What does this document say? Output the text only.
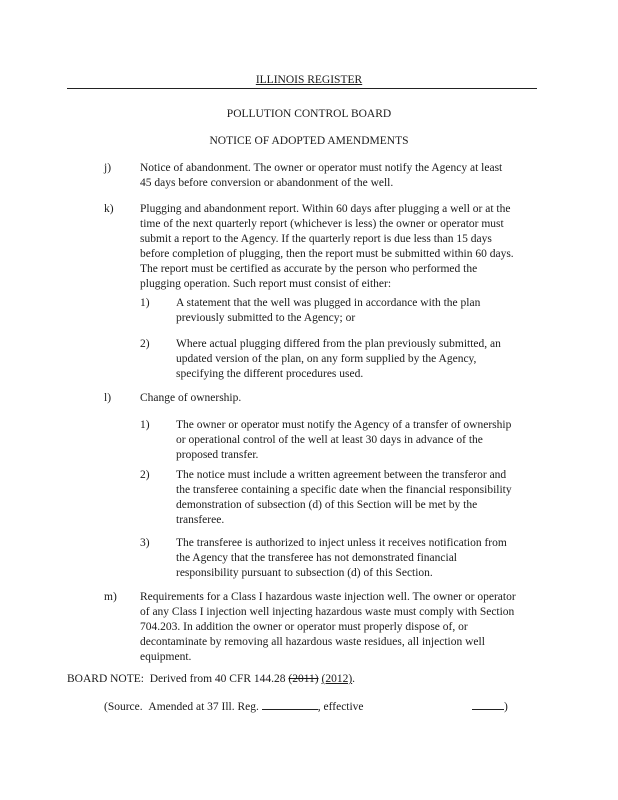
ILLINOIS REGISTER
POLLUTION CONTROL BOARD
NOTICE OF ADOPTED AMENDMENTS
j)	Notice of abandonment. The owner or operator must notify the Agency at least
45 days before conversion or abandonment of the well.
k) Plugging and abandonment report. Within 60 days after plugging a well or at the
time of the next quarterly report (whichever is less) the owner or operator must
submit a report to the Agency. If the quarterly report is due less than 15 days
before completion of plugging, then the report must be submitted within 60 days.
The report must be certified as accurate by the person who performed the
plugging operation. Such report must consist of either:
1) A statement that the well was plugged in accordance with the plan
previously submitted to the Agency; or
2) Where actual plugging differed from the plan previously submitted, an
updated version of the plan, on any form supplied by the Agency,
specifying the different procedures used.
l)	Change of ownership.
1) The owner or operator must notify the Agency of a transfer of ownership
or operational control of the well at least 30 days in advance of the
proposed transfer.
2) The notice must include a written agreement between the transferor and
the transferee containing a specific date when the financial responsibility
demonstration of subsection (d) of this Section will be met by the
transferee.
3) The transferee is authorized to inject unless it receives notification from
the Agency that the transferee has not demonstrated financial
responsibility pursuant to subsection (d) of this Section.
m) Requirements for a Class I hazardous waste injection well. The owner or operator
of any Class I injection well injecting hazardous waste must comply with Section
704.203. In addition the owner or operator must properly dispose of, or
decontaminate by removing all hazardous waste residues, all injection well
equipment.
BOARD NOTE: Derived from 40 CFR 144.28 (2011) (2012).
(Source. Amended at 37 Ill. Reg.	, effective	)
